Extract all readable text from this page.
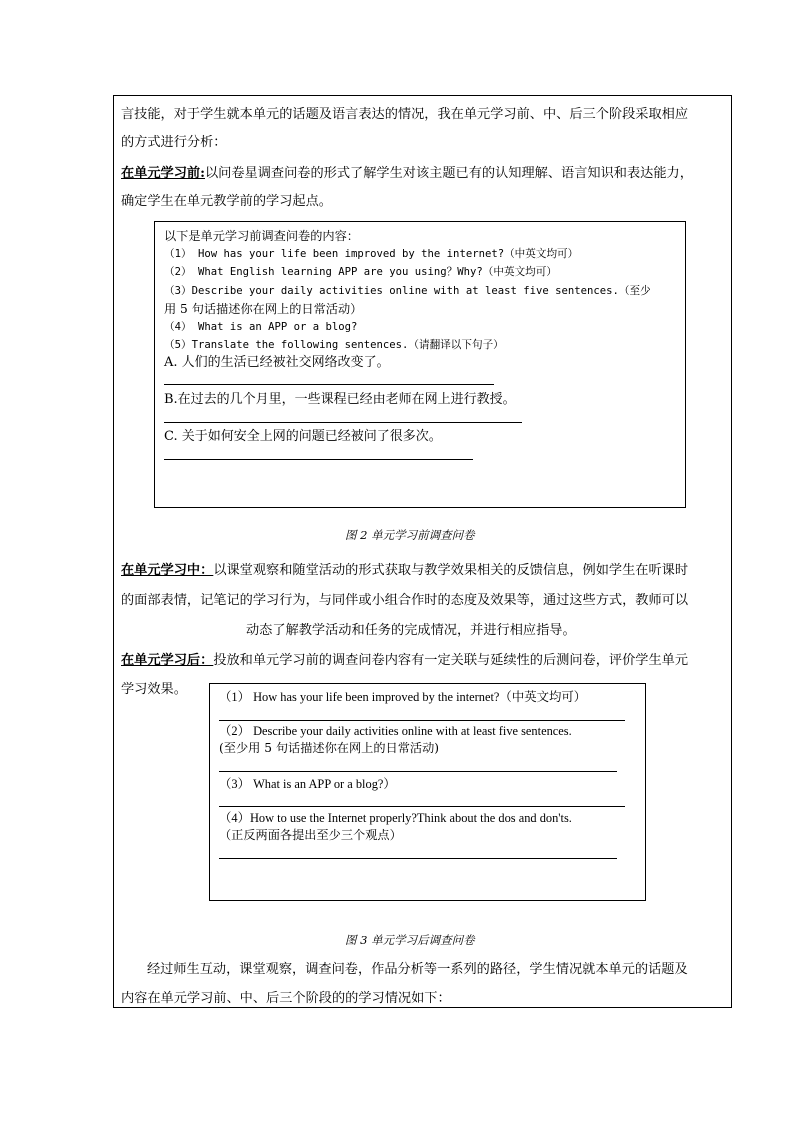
言技能，对于学生就本单元的话题及语言表达的情况，我在单元学习前、中、后三个阶段采取相应
的方式进行分析：
在单元学习前:以问卷星调查问卷的形式了解学生对该主题已有的认知理解、语言知识和表达能力，
确定学生在单元教学前的学习起点。
以下是单元学习前调查问卷的内容：
（1） How has your life been improved by the internet?（中英文均可）
（2） What English learning APP are you using？Why?（中英文均可）
（3）Describe your daily activities online with at least five sentences.（至少
用 5 句话描述你在网上的日常活动）
（4） What is an APP or a blog?
（5）Translate the following sentences.（请翻译以下句子）
A. 人们的生活已经被社交网络改变了。
B.在过去的几个月里，一些课程已经由老师在网上进行教授。
C. 关于如何安全上网的问题已经被问了很多次。
图 2 单元学习前调查问卷
在单元学习中：以课堂观察和随堂活动的形式获取与教学效果相关的反馈信息，例如学生在听课时
的面部表情，记笔记的学习行为，与同伴或小组合作时的态度及效果等，通过这些方式，教师可以
动态了解教学活动和任务的完成情况，并进行相应指导。
在单元学习后：投放和单元学习前的调查问卷内容有一定关联与延续性的后测问卷，评价学生单元
学习效果。	（1） How has your life been improved by the internet?（中英文均可）
（2） Describe your daily activities online with at least five sentences.
(至少用 5 句话描述你在网上的日常活动)
（3） What is an APP or a blog?）
（4）How to use the Internet properly?Think about the dos and don'ts.
（正反两面各提出至少三个观点）
图 3 单元学习后调查问卷
经过师生互动，课堂观察，调查问卷，作品分析等一系列的路径，学生情况就本单元的话题及
内容在单元学习前、中、后三个阶段的的学习情况如下：
